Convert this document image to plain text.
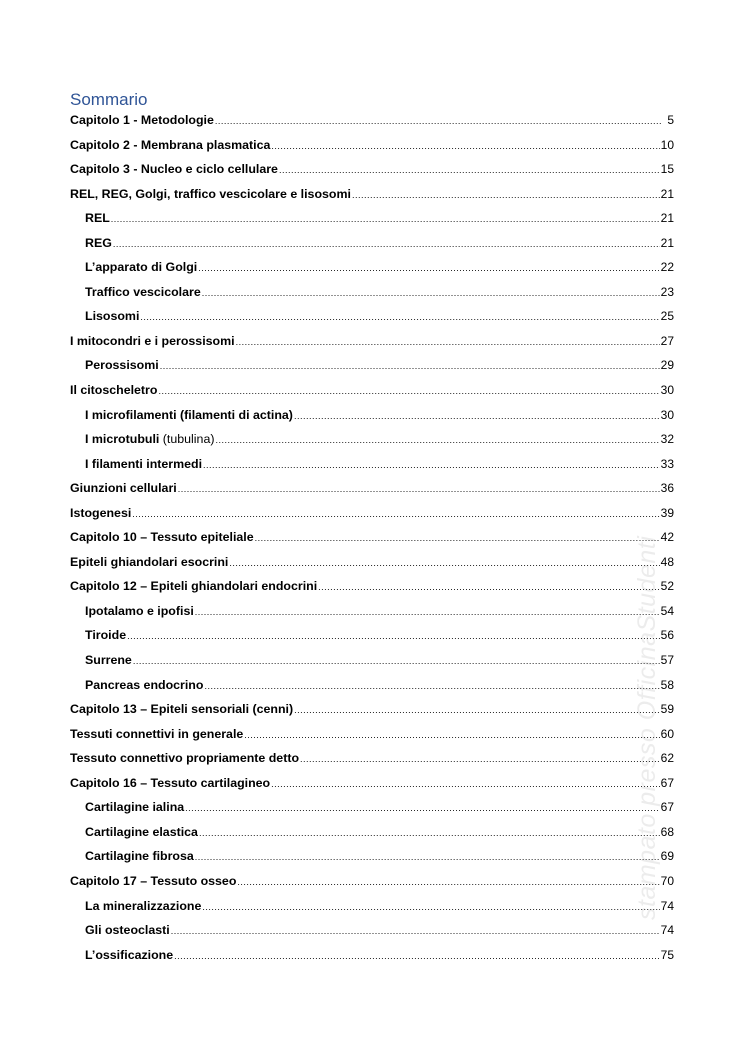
Sommario
Capitolo 1 - Metodologie .....	5
Capitolo 2 - Membrana plasmatica .....	10
Capitolo 3 - Nucleo e ciclo cellulare .....	15
REL, REG, Golgi, traffico vescicolare e lisosomi .....	21
REL .....	21
REG .....	21
L’apparato di Golgi .....	22
Traffico vescicolare .....	23
Lisosomi .....	25
I mitocondri e i perossisomi .....	27
Perossisomi .....	29
Il citoscheletro .....	30
I microfilamenti (filamenti di actina) .....	30
I microtubuli (tubulina) .....	32
I filamenti intermedi .....	33
Giunzioni cellulari .....	36
Istogenesi .....	39
Capitolo 10 – Tessuto epiteliale .....	42
Epiteli ghiandolari esocrini .....	48
Capitolo 12 – Epiteli ghiandolari endocrini .....	52
Ipotalamo e ipofisi .....	54
Tiroide .....	56
Surrene .....	57
Pancreas endocrino .....	58
Capitolo 13 – Epiteli sensoriali (cenni) .....	59
Tessuti connettivi in generale .....	60
Tessuto connettivo propriamente detto .....	62
Capitolo 16 – Tessuto cartilagineo .....	67
Cartilagine ialina .....	67
Cartilagine elastica .....	68
Cartilagine fibrosa .....	69
Capitolo 17 – Tessuto osseo .....	70
La mineralizzazione .....	74
Gli osteoclasti .....	74
L’ossificazione .....	75
stampato presso OfficinaStudenti
